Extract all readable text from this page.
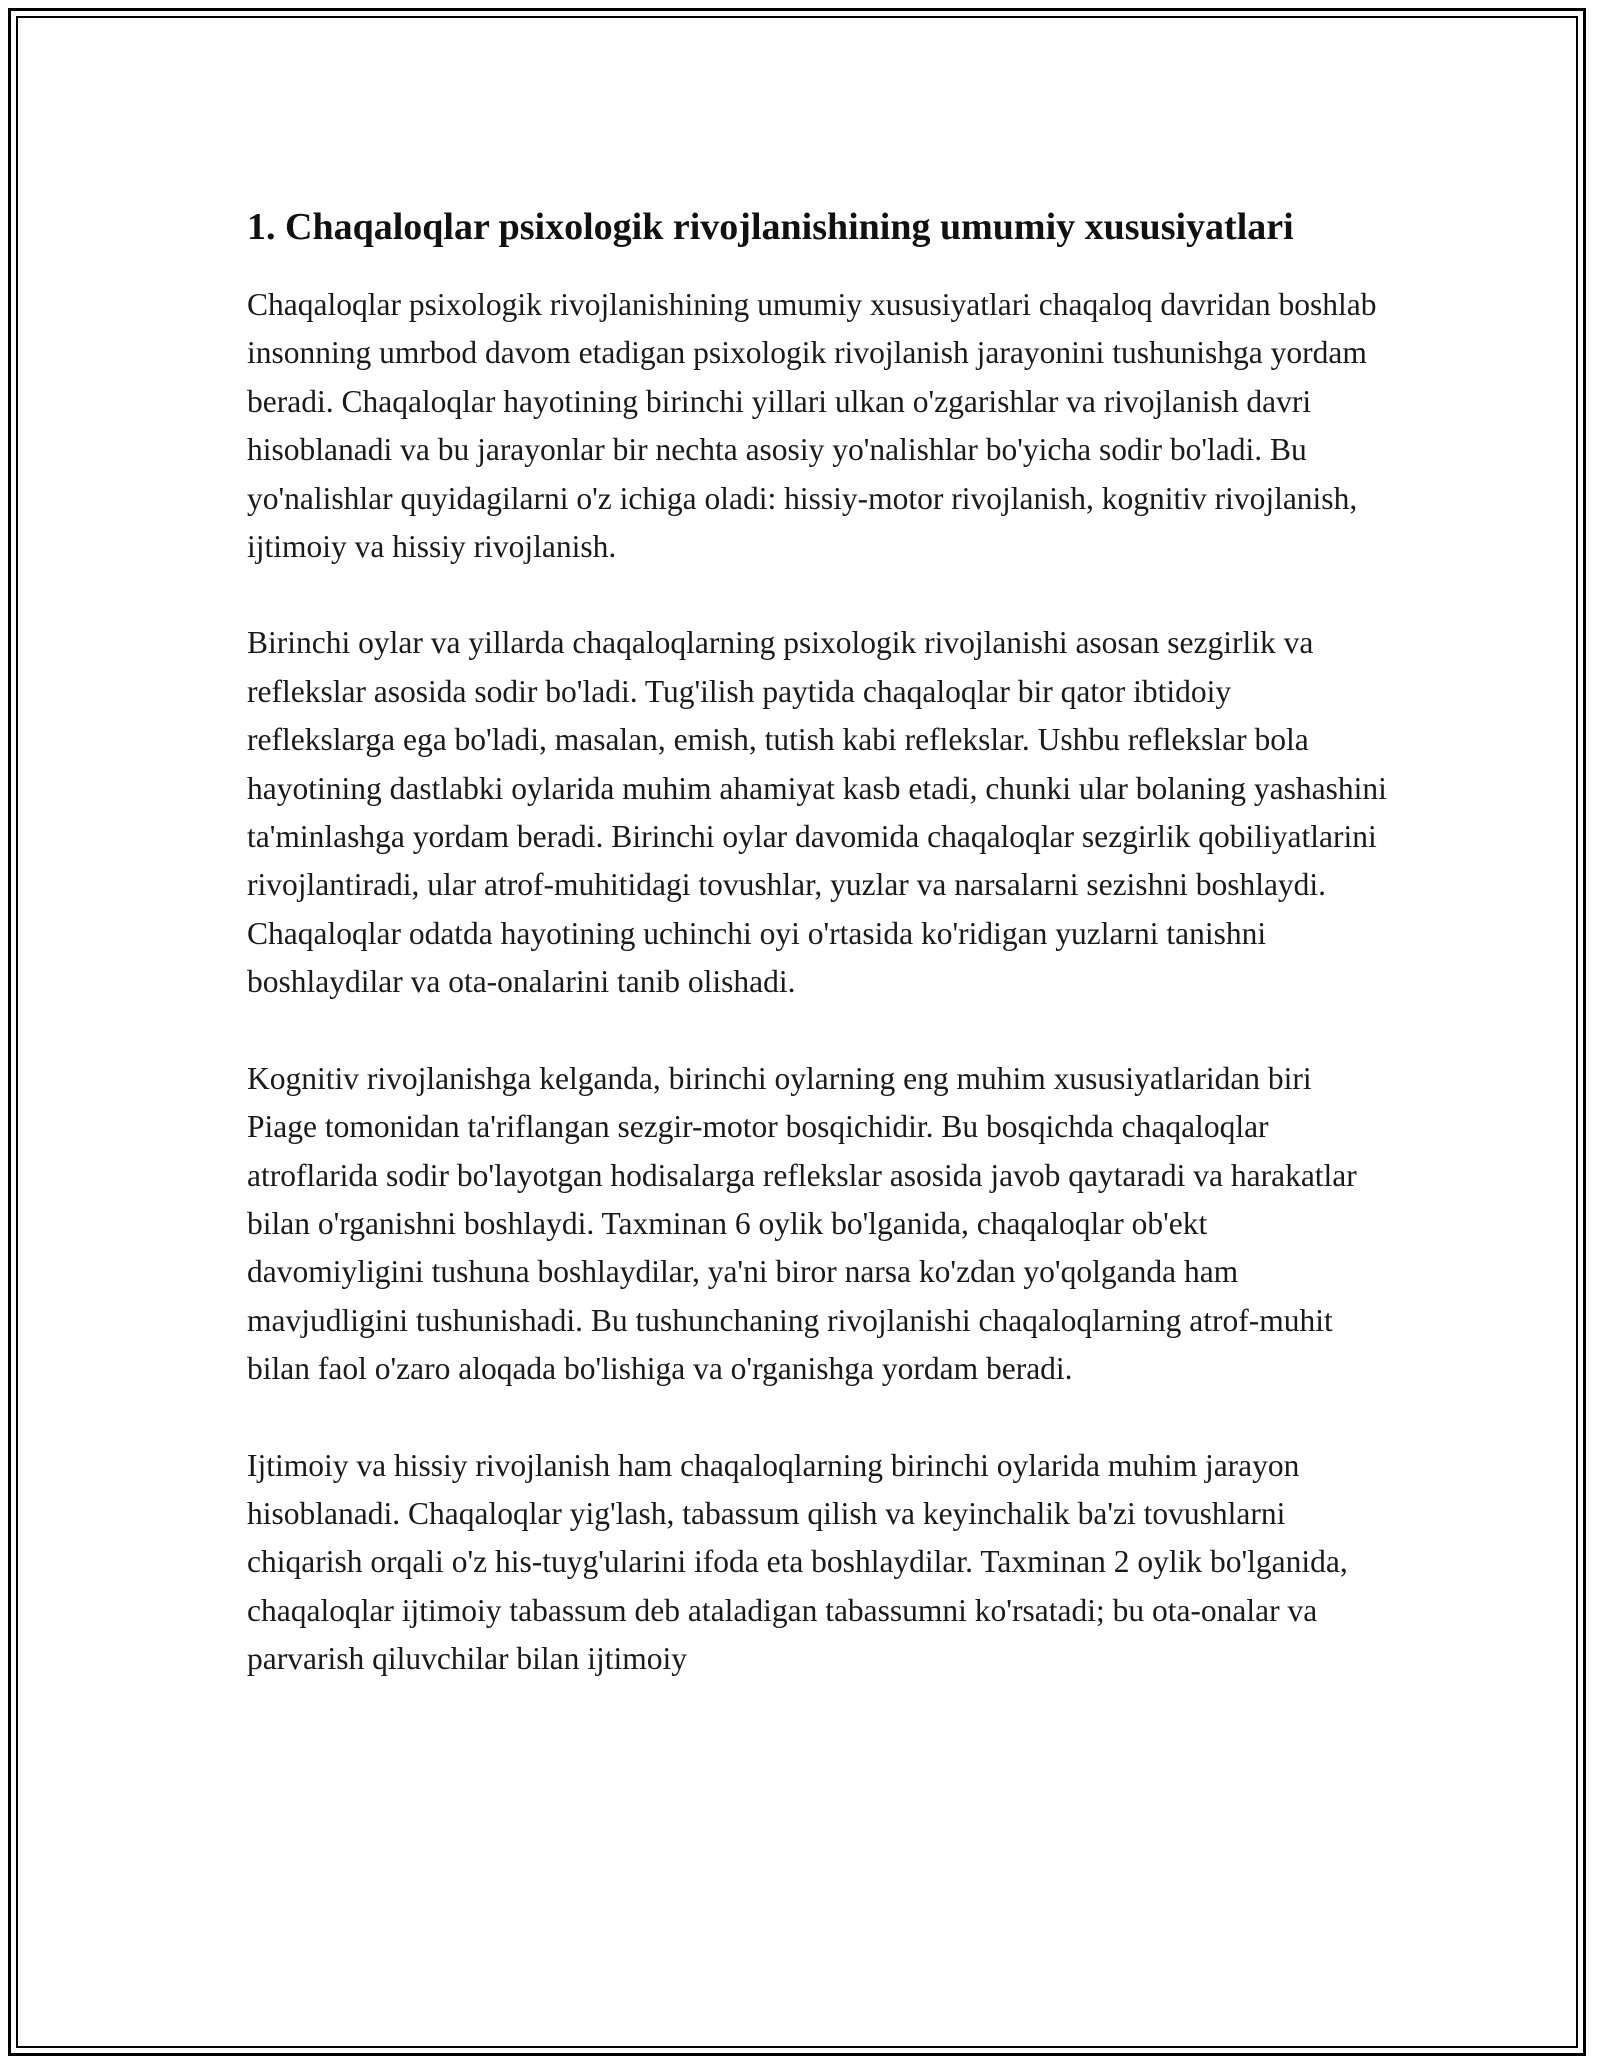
1. Chaqaloqlar psixologik rivojlanishining umumiy xususiyatlari

Chaqaloqlar psixologik rivojlanishining umumiy xususiyatlari chaqaloq davridan boshlab insonning umrbod davom etadigan psixologik rivojlanish jarayonini tushunishga yordam beradi. Chaqaloqlar hayotining birinchi yillari ulkan o'zgarishlar va rivojlanish davri hisoblanadi va bu jarayonlar bir nechta asosiy yo'nalishlar bo'yicha sodir bo'ladi. Bu yo'nalishlar quyidagilarni o'z ichiga oladi: hissiy-motor rivojlanish, kognitiv rivojlanish, ijtimoiy va hissiy rivojlanish.

Birinchi oylar va yillarda chaqaloqlarning psixologik rivojlanishi asosan sezgirlik va reflekslar asosida sodir bo'ladi. Tug'ilish paytida chaqaloqlar bir qator ibtidoiy reflekslarga ega bo'ladi, masalan, emish, tutish kabi reflekslar. Ushbu reflekslar bola hayotining dastlabki oylarida muhim ahamiyat kasb etadi, chunki ular bolaning yashashini ta'minlashga yordam beradi. Birinchi oylar davomida chaqaloqlar sezgirlik qobiliyatlarini rivojlantiradi, ular atrof-muhitidagi tovushlar, yuzlar va narsalarni sezishni boshlaydi. Chaqaloqlar odatda hayotining uchinchi oyi o'rtasida ko'ridigan yuzlarni tanishni boshlaydilar va ota-onalarini tanib olishadi.

Kognitiv rivojlanishga kelganda, birinchi oylarning eng muhim xususiyatlaridan biri Piage tomonidan ta'riflangan sezgir-motor bosqichidir. Bu bosqichda chaqaloqlar atroflarida sodir bo'layotgan hodisalarga reflekslar asosida javob qaytaradi va harakatlar bilan o'rganishni boshlaydi. Taxminan 6 oylik bo'lganida, chaqaloqlar ob'ekt davomiyligini tushuna boshlaydilar, ya'ni biror narsa ko'zdan yo'qolganda ham mavjudligini tushunishadi. Bu tushunchaning rivojlanishi chaqaloqlarning atrof-muhit bilan faol o'zaro aloqada bo'lishiga va o'rganishga yordam beradi.

Ijtimoiy va hissiy rivojlanish ham chaqaloqlarning birinchi oylarida muhim jarayon hisoblanadi. Chaqaloqlar yig'lash, tabassum qilish va keyinchalik ba'zi tovushlarni chiqarish orqali o'z his-tuyg'ularini ifoda eta boshlaydilar. Taxminan 2 oylik bo'lganida, chaqaloqlar ijtimoiy tabassum deb ataladigan tabassumni ko'rsatadi; bu ota-onalar va parvarish qiluvchilar bilan ijtimoiy
